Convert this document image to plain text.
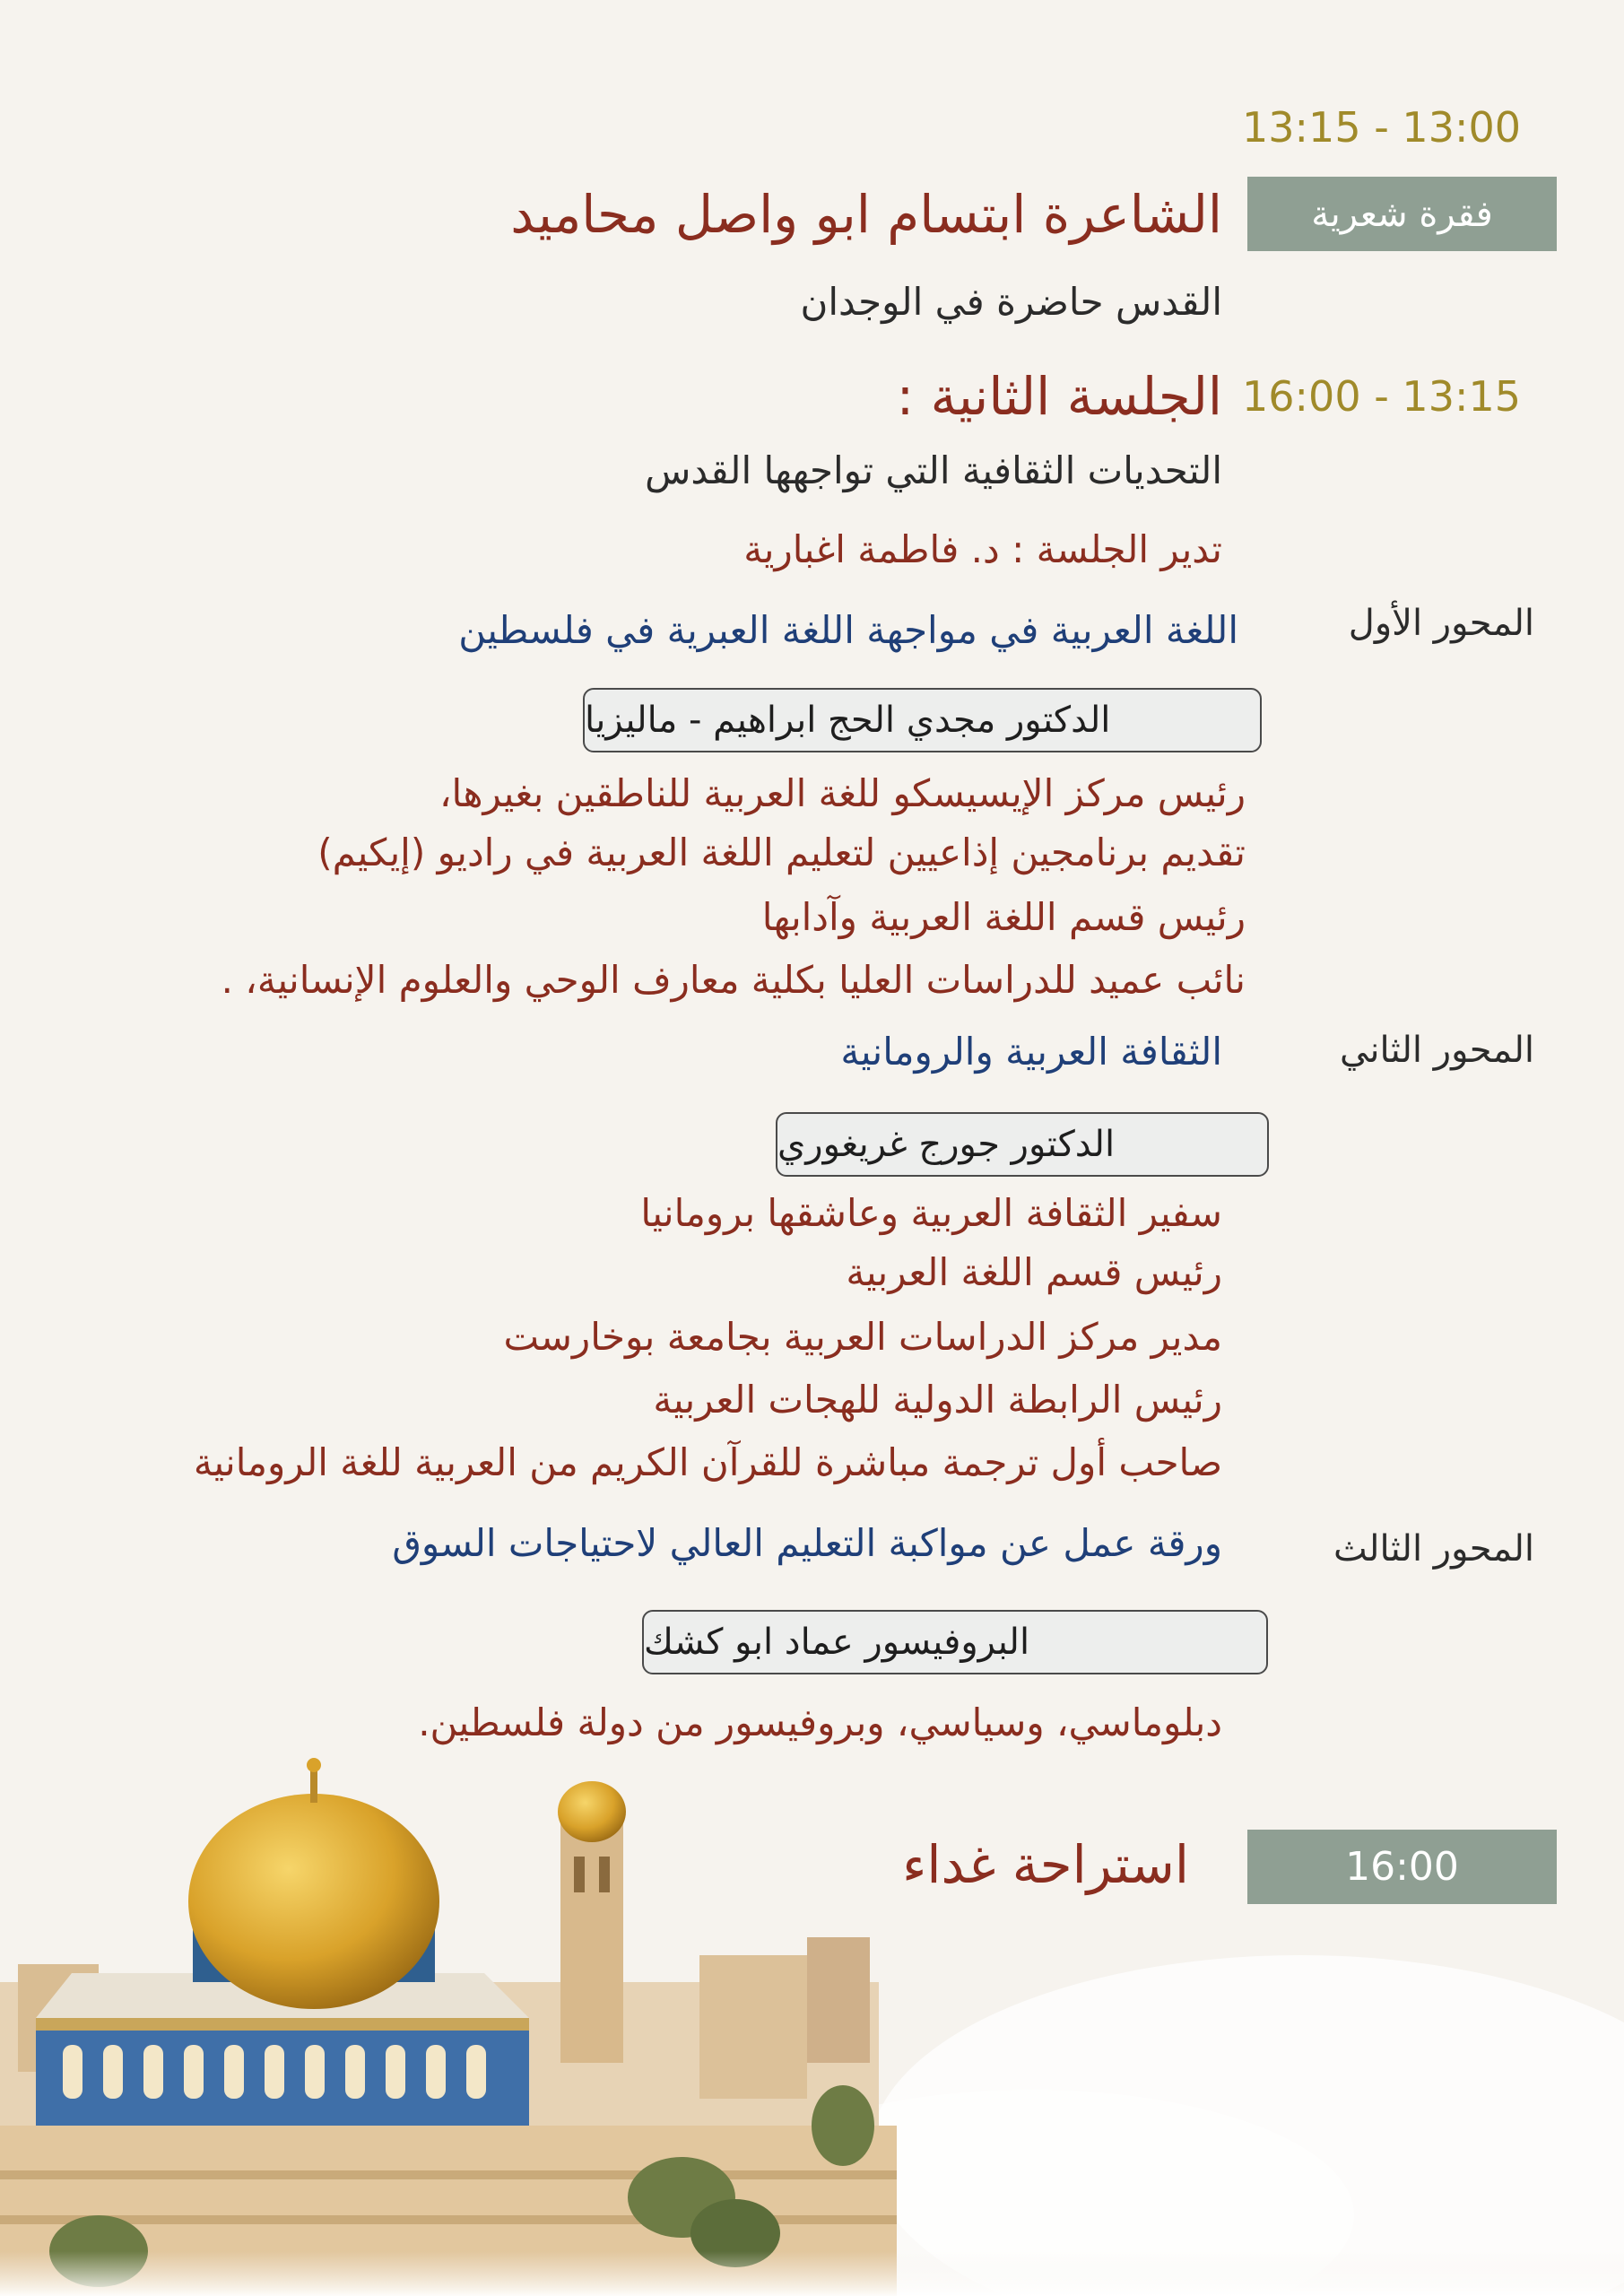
13:15 - 13:00
فقرة شعرية
الشاعرة ابتسام ابو واصل محاميد
القدس حاضرة في الوجدان
16:00 - 13:15
الجلسة الثانية :
التحديات الثقافية التي تواجهها القدس
تدير الجلسة : د. فاطمة اغبارية
المحور الأول
اللغة العربية في مواجهة اللغة العبرية في فلسطين
الدكتور مجدي الحج ابراهيم - ماليزيا
رئيس مركز الإيسيسكو للغة العربية للناطقين بغيرها،
تقديم برنامجين إذاعيين لتعليم اللغة العربية في راديو (إيكيم)
رئيس قسم اللغة العربية وآدابها
نائب عميد للدراسات العليا بكلية معارف الوحي والعلوم الإنسانية، .
المحور الثاني
الثقافة العربية والرومانية
الدكتور جورج غريغوري
سفير الثقافة العربية وعاشقها برومانيا
رئيس قسم اللغة العربية
مدير مركز الدراسات العربية بجامعة بوخارست
رئيس الرابطة الدولية للهجات العربية
صاحب أول ترجمة مباشرة للقرآن الكريم من العربية للغة الرومانية
المحور الثالث
ورقة عمل عن مواكبة التعليم العالي لاحتياجات السوق
البروفيسور عماد ابو كشك
دبلوماسي، وسياسي، وبروفيسور من دولة فلسطين.
16:00
استراحة غداء
